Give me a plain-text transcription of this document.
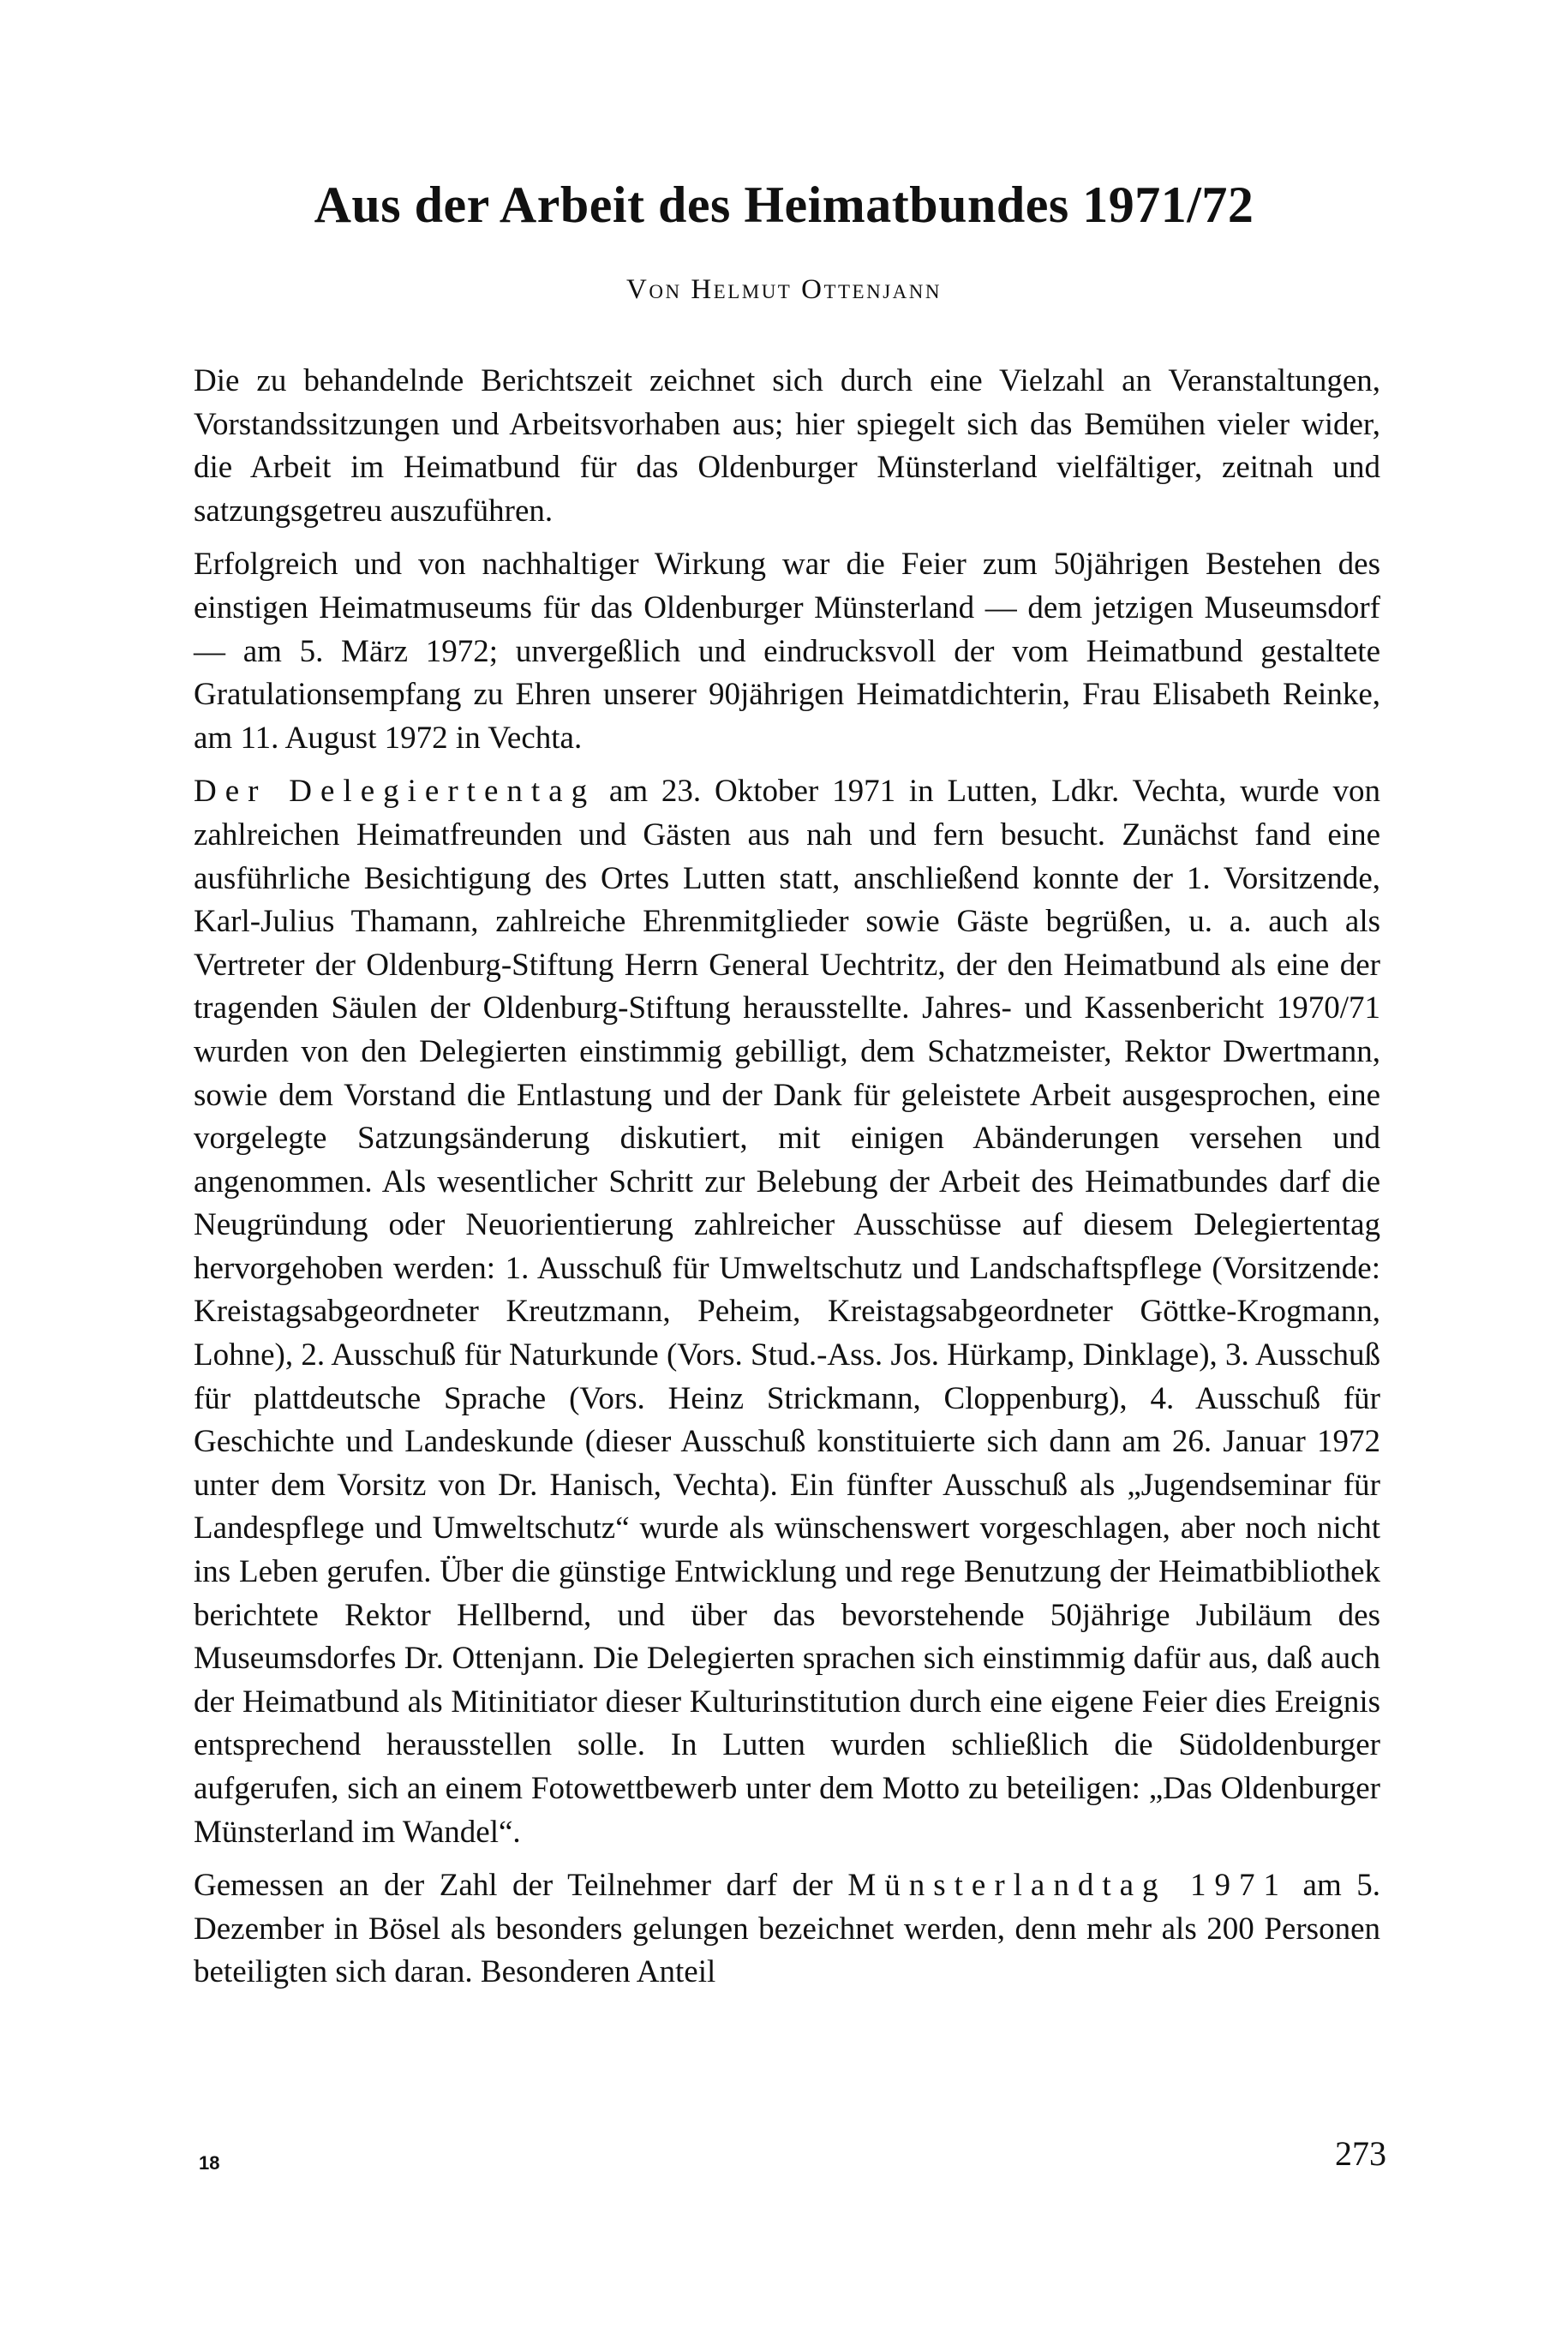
Aus der Arbeit des Heimatbundes 1971/72
Von Helmut Ottenjann

Die zu behandelnde Berichtszeit zeichnet sich durch eine Vielzahl an Veranstaltungen, Vorstandssitzungen und Arbeitsvorhaben aus; hier spiegelt sich das Bemühen vieler wider, die Arbeit im Heimatbund für das Oldenburger Münsterland vielfältiger, zeitnah und satzungsgetreu auszuführen.

Erfolgreich und von nachhaltiger Wirkung war die Feier zum 50jährigen Bestehen des einstigen Heimatmuseums für das Oldenburger Münsterland — dem jetzigen Museumsdorf — am 5. März 1972; unvergeßlich und eindrucksvoll der vom Heimatbund gestaltete Gratulationsempfang zu Ehren unserer 90jährigen Heimatdichterin, Frau Elisabeth Reinke, am 11. August 1972 in Vechta.

Der Delegiertentag am 23. Oktober 1971 in Lutten, Ldkr. Vechta, wurde von zahlreichen Heimatfreunden und Gästen aus nah und fern besucht. Zunächst fand eine ausführliche Besichtigung des Ortes Lutten statt, anschließend konnte der 1. Vorsitzende, Karl-Julius Thamann, zahlreiche Ehrenmitglieder sowie Gäste begrüßen, u. a. auch als Vertreter der Oldenburg-Stiftung Herrn General Uechtritz, der den Heimatbund als eine der tragenden Säulen der Oldenburg-Stiftung herausstellte. Jahres- und Kassenbericht 1970/71 wurden von den Delegierten einstimmig gebilligt, dem Schatzmeister, Rektor Dwertmann, sowie dem Vorstand die Entlastung und der Dank für geleistete Arbeit ausgesprochen, eine vorgelegte Satzungsänderung diskutiert, mit einigen Abänderungen versehen und angenommen. Als wesentlicher Schritt zur Belebung der Arbeit des Heimatbundes darf die Neugründung oder Neuorientierung zahlreicher Ausschüsse auf diesem Delegiertentag hervorgehoben werden: 1. Ausschuß für Umweltschutz und Landschaftspflege (Vorsitzende: Kreistagsabgeordneter Kreutzmann, Peheim, Kreistagsabgeordneter Göttke-Krogmann, Lohne), 2. Ausschuß für Naturkunde (Vors. Stud.-Ass. Jos. Hürkamp, Dinklage), 3. Ausschuß für plattdeutsche Sprache (Vors. Heinz Strickmann, Cloppenburg), 4. Ausschuß für Geschichte und Landeskunde (dieser Ausschuß konstituierte sich dann am 26. Januar 1972 unter dem Vorsitz von Dr. Hanisch, Vechta). Ein fünfter Ausschuß als „Jugendseminar für Landespflege und Umweltschutz“ wurde als wünschenswert vorgeschlagen, aber noch nicht ins Leben gerufen. Über die günstige Entwicklung und rege Benutzung der Heimatbibliothek berichtete Rektor Hellbernd, und über das bevorstehende 50jährige Jubiläum des Museumsdorfes Dr. Ottenjann. Die Delegierten sprachen sich einstimmig dafür aus, daß auch der Heimatbund als Mitinitiator dieser Kulturinstitution durch eine eigene Feier dies Ereignis entsprechend herausstellen solle. In Lutten wurden schließlich die Südoldenburger aufgerufen, sich an einem Fotowettbewerb unter dem Motto zu beteiligen: „Das Oldenburger Münsterland im Wandel“.

Gemessen an der Zahl der Teilnehmer darf der Münsterlandtag 1971 am 5. Dezember in Bösel als besonders gelungen bezeichnet werden, denn mehr als 200 Personen beteiligten sich daran. Besonderen Anteil

18	273
